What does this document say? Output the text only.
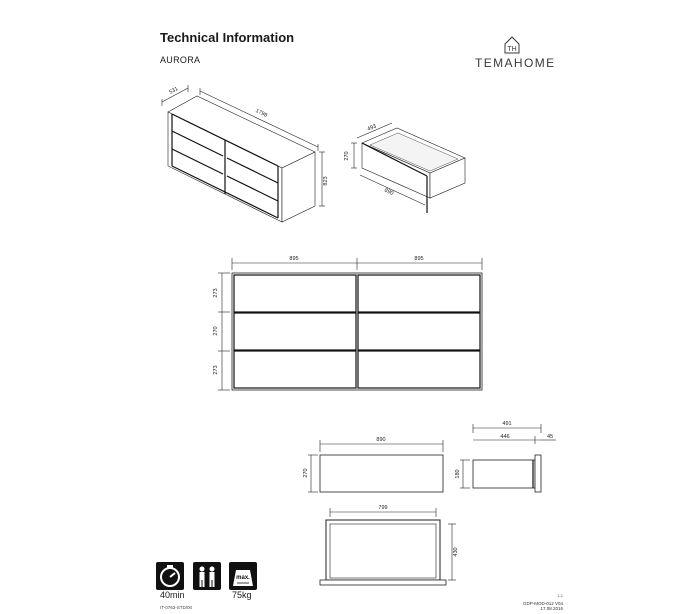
Technical Information
AURORA
TH
TEMAHOME
531
1798
823
493
270
890
895	895
273
270
273
890
270
491
446	45
180
799
430
max.
40min	75kg
IT-0763-STD/00
1-1
GDP-MOD-012 V04
17.08.2016
